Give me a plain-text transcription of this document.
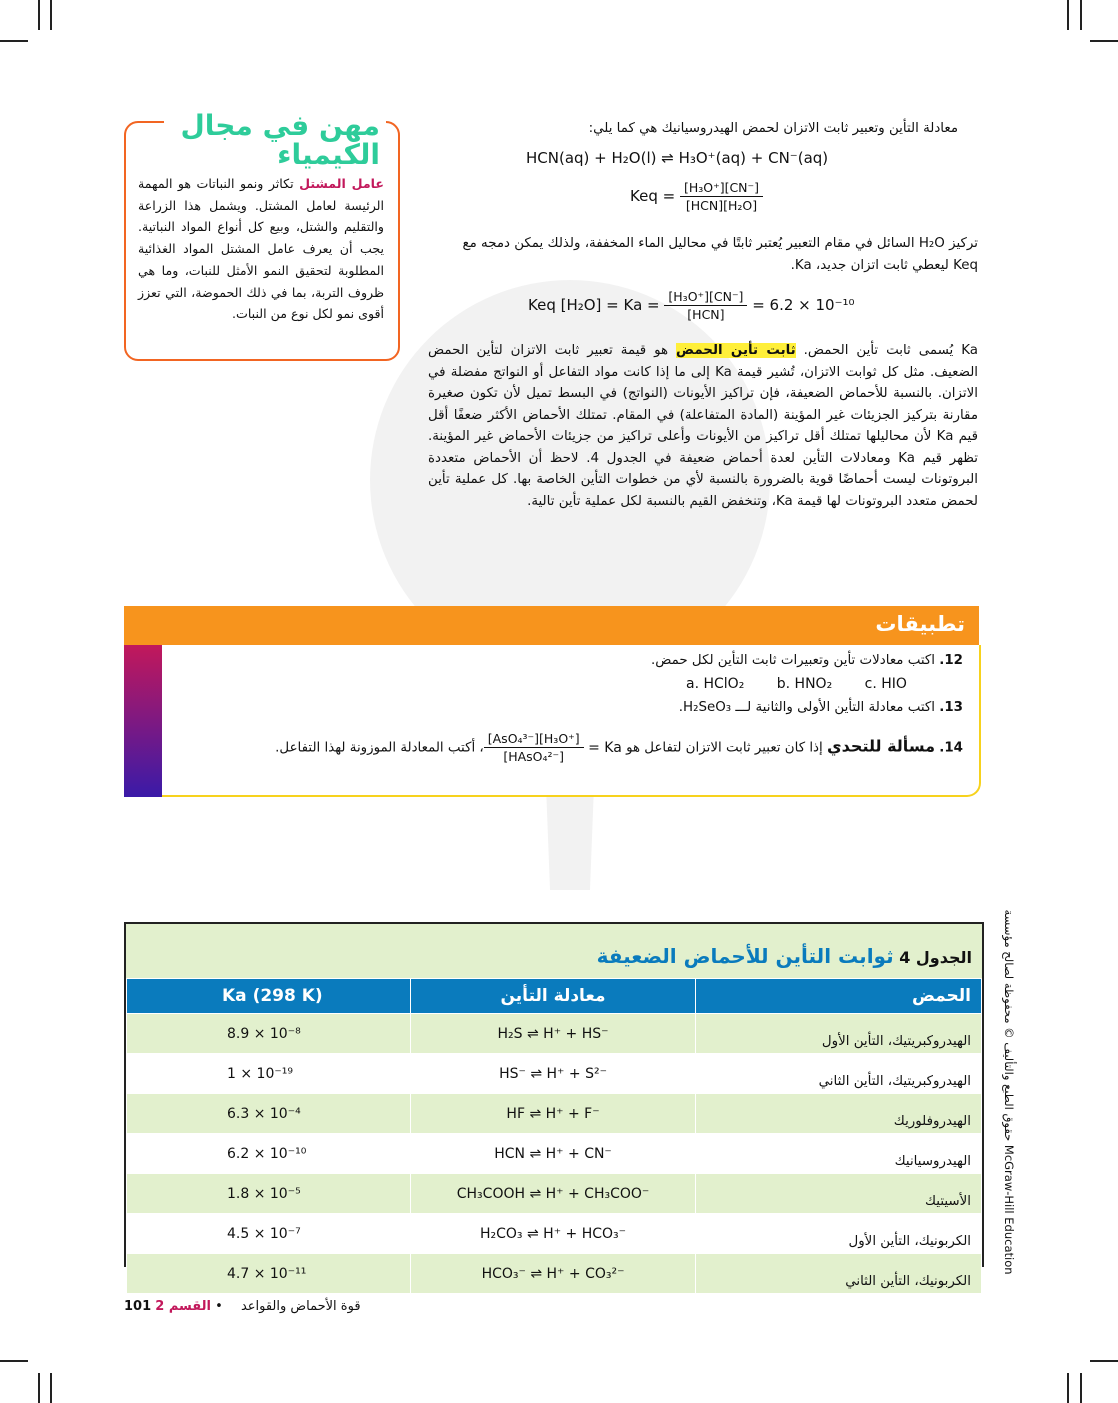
مهن في مجال الكيمياء
عامل المشتل تكاثر ونمو النباتات هو المهمة الرئيسة لعامل المشتل. ويشمل هذا الزراعة والتقليم والشتل، وبيع كل أنواع المواد النباتية. يجب أن يعرف عامل المشتل المواد الغذائية المطلوبة لتحقيق النمو الأمثل للنبات، وما هي ظروف التربة، بما في ذلك الحموضة، التي تعزز أقوى نمو لكل نوع من النبات.
معادلة التأين وتعبير ثابت الاتزان لحمض الهيدروسيانيك هي كما يلي:
HCN(aq) + H₂O(l) ⇌ H₃O⁺(aq) + CN⁻(aq)
Keq = $\frac{\text{[H₃O⁺][CN⁻]}}{\text{[HCN][H₂O]}}$
تركيز H₂O السائل في مقام التعبير يُعتبر ثابتًا في محاليل الماء المخففة، ولذلك يمكن دمجه مع Keq ليعطي ثابت اتزان جديد، Ka.
Keq $[H_2O] = Ka = \frac{\text{[H₃O⁺][CN⁻]}}{\text{[HCN]}} = 6.2 \times 10^{-10}$
Ka يُسمى ثابت تأين الحمض. ثابت تأين الحمض هو قيمة تعبير ثابت الاتزان لتأين الحمض الضعيف. مثل كل ثوابت الاتزان، تُشير قيمة Ka إلى ما إذا كانت مواد التفاعل أو النواتج مفضلة في الاتزان. بالنسبة للأحماض الضعيفة، فإن تراكيز الأيونات (النواتج) في البسط تميل لأن تكون صغيرة مقارنة بتركيز الجزيئات غير المؤينة (المادة المتفاعلة) في المقام. تمتلك الأحماض الأكثر ضعفًا أقل قيم Ka لأن محاليلها تمتلك أقل تراكيز من الأيونات وأعلى تراكيز من جزيئات الأحماض غير المؤينة. تظهر قيم Ka ومعادلات التأين لعدة أحماض ضعيفة في الجدول 4. لاحظ أن الأحماض متعددة البروتونات ليست أحماضًا قوية بالضرورة بالنسبة لأي من خطوات التأين الخاصة بها. كل عملية تأين لحمض متعدد البروتونات لها قيمة Ka، وتنخفض القيم بالنسبة لكل عملية تأين تالية.
تطبيقات
12. اكتب معادلات تأين وتعبيرات ثابت التأين لكل حمض.
a. HClO₂ b. HNO₂ c. HIO
13. اكتب معادلة التأين الأولى والثانية لـــ H₂SeO₃.
14. مسألة للتحدي إذا كان تعبير ثابت الاتزان لتفاعل هو Ka =
$\frac{\text{[AsO₄³⁻][H₃O⁺]}}{\text{[HAsO₄²⁻]}}$
، أكتب المعادلة الموزونة لهذا التفاعل.
الجدول 4 ثوابت التأين للأحماض الضعيفة
Ka (298 K)	معادلة التأين	الحمض
8.9 × 10⁻⁸	H₂S ⇌ H⁺ + HS⁻	الهيدروكبريتيك، التأين الأول
1 × 10⁻¹⁹	HS⁻ ⇌ H⁺ + S²⁻	الهيدروكبريتيك، التأين الثاني
6.3 × 10⁻⁴	HF ⇌ H⁺ + F⁻	الهيدروفلوريك
6.2 × 10⁻¹⁰	HCN ⇌ H⁺ + CN⁻	الهيدروسيانيك
1.8 × 10⁻⁵	CH₃COOH ⇌ H⁺ + CH₃COO⁻	الأسيتيك
4.5 × 10⁻⁷	H₂CO₃ ⇌ H⁺ + HCO₃⁻	الكربونيك، التأين الأول
4.7 × 10⁻¹¹	HCO₃⁻ ⇌ H⁺ + CO₃²⁻	الكربونيك، التأين الثاني
حقوق الطبع والتأليف © محفوظة لصالح مؤسسة McGraw-Hill Education
101	قوة الأحماض والقواعد • القسم 2
